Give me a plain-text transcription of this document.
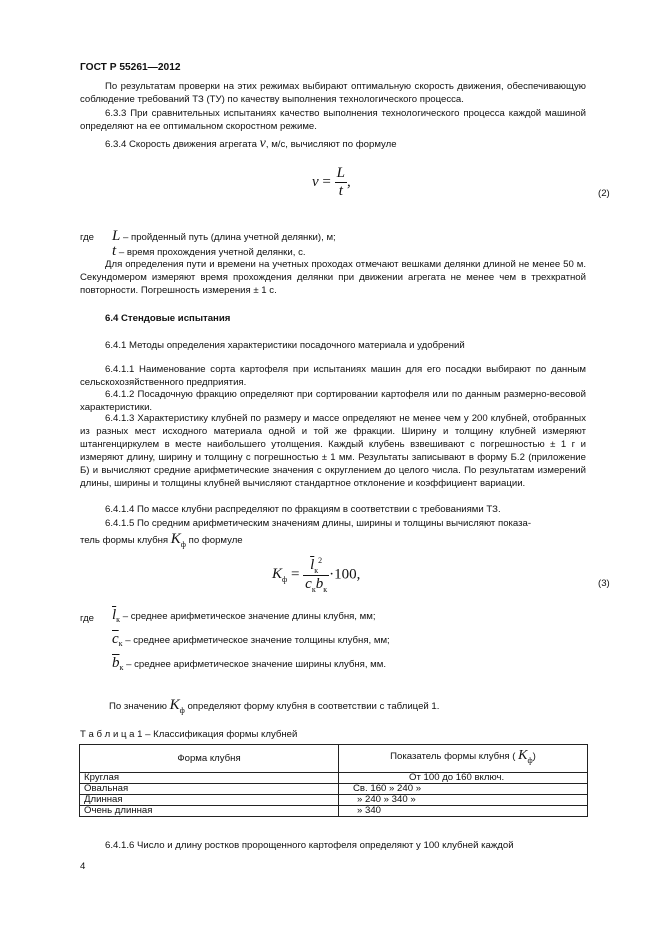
ГОСТ Р 55261—2012
По результатам проверки на этих режимах выбирают оптимальную скорость движения, обеспечивающую соблюдение требований ТЗ (ТУ) по качеству выполнения технологического процесса.
6.3.3 При сравнительных испытаниях качество выполнения технологического процесса каждой машиной определяют на ее оптимальном скоростном режиме.
6.3.4 Скорость движения агрегата v, м/с, вычисляют по формуле
$v = \frac{L}{t}$ ,
(2)
где L – пройденный путь (длина учетной делянки), м;
t – время прохождения учетной делянки, с.
Для определения пути и времени на учетных проходах отмечают вешками делянки длиной не менее 50 м. Секундомером измеряют время прохождения делянки при движении агрегата не менее чем в трехкратной повторности. Погрешность измерения ± 1 с.
6.4 Стендовые испытания
6.4.1 Методы определения характеристики посадочного материала и удобрений
6.4.1.1 Наименование сорта картофеля при испытаниях машин для его посадки выбирают по данным сельскохозяйственного предприятия.
6.4.1.2 Посадочную фракцию определяют при сортировании картофеля или по данным размерно-весовой характеристики.
6.4.1.3 Характеристику клубней по размеру и массе определяют не менее чем у 200 клубней, отобранных из разных мест исходного материала одной и той же фракции. Ширину и толщину клубней измеряют штангенциркулем в месте наибольшего утолщения. Каждый клубень взвешивают с погрешностью ± 1 г и измеряют длину, ширину и толщину с погрешностью ± 1 мм. Результаты записывают в форму Б.2 (приложение Б) и вычисляют средние арифметические значения с округлением до целого числа. По результатам измерений длины, ширины и толщины клубней вычисляют стандартное отклонение и коэффициент вариации.
6.4.1.4 По массе клубни распределяют по фракциям в соответствии с требованиями ТЗ.
6.4.1.5 По средним арифметическим значениям длины, ширины и толщины вычисляют показа-
тель формы клубня $K_ф$ по формуле
$K_ф = \frac{\overline{l}_к^2}{\overline{c}_к\overline{b}_к} \cdot 100$,
(3)
где $\overline{l}_к$ – среднее арифметическое значение длины клубня, мм;
$\overline{c}_к$ – среднее арифметическое значение толщины клубня, мм;
$\overline{b}_к$ – среднее арифметическое значение ширины клубня, мм.
По значению $K_ф$ определяют форму клубня в соответствии с таблицей 1.
Т а б л и ц а 1 – Классификация формы клубней
Форма клубня	Показатель формы клубня ( $K_ф$)
Круглая	От 100 до 160 включ.
Овальная	Св. 160 » 240 »
Длинная	» 240 » 340 »
Очень длинная	» 340
6.4.1.6 Число и длину ростков пророщенного картофеля определяют у 100 клубней каждой
4
